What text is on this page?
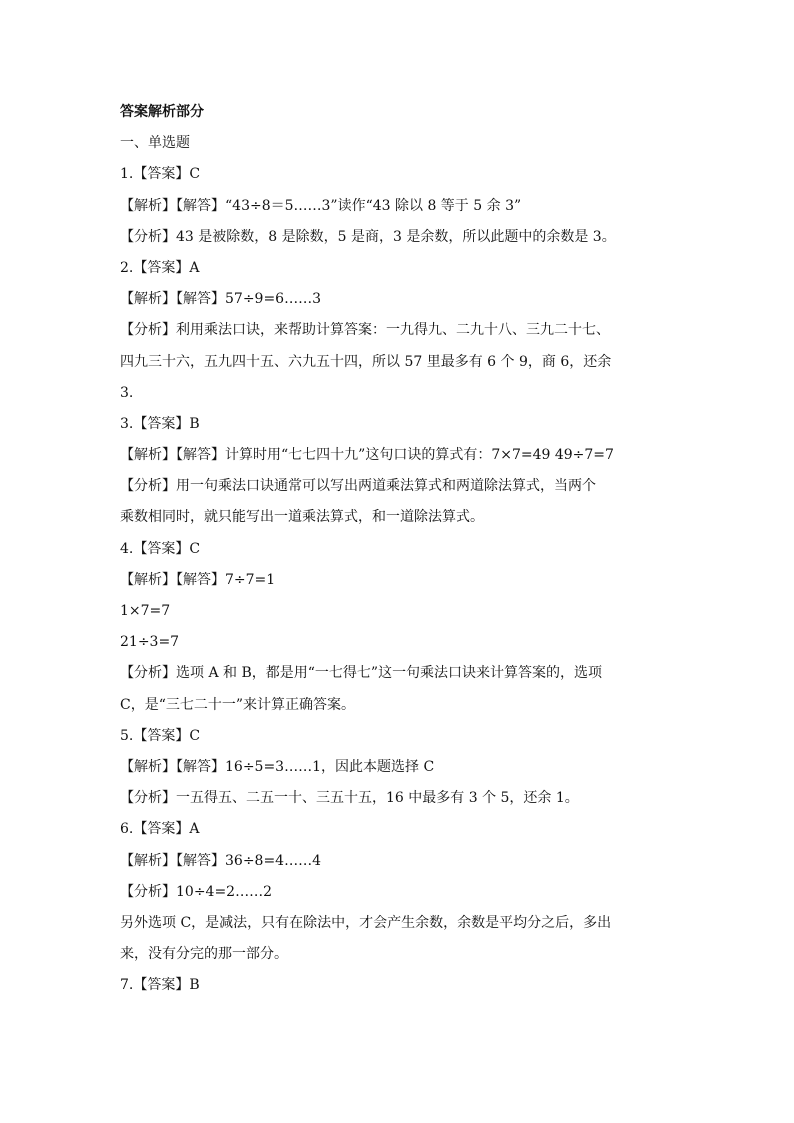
答案解析部分
一、单选题
1.【答案】C
【解析】【解答】“43÷8＝5……3”读作“43 除以 8 等于 5 余 3”
【分析】43 是被除数，8 是除数，5 是商，3 是余数，所以此题中的余数是 3。
2.【答案】A
【解析】【解答】57÷9=6……3
【分析】利用乘法口诀，来帮助计算答案：一九得九、二九十八、三九二十七、
四九三十六，五九四十五、六九五十四，所以 57 里最多有 6 个 9，商 6，还余
3.
3.【答案】B
【解析】【解答】计算时用“七七四十九”这句口诀的算式有：7×7=49 49÷7=7
【分析】用一句乘法口诀通常可以写出两道乘法算式和两道除法算式，当两个
乘数相同时，就只能写出一道乘法算式，和一道除法算式。
4.【答案】C
【解析】【解答】7÷7=1
1×7=7
21÷3=7
【分析】选项 A 和 B，都是用“一七得七”这一句乘法口诀来计算答案的，选项
C，是“三七二十一”来计算正确答案。
5.【答案】C
【解析】【解答】16÷5=3……1，因此本题选择 C
【分析】一五得五、二五一十、三五十五，16 中最多有 3 个 5，还余 1。
6.【答案】A
【解析】【解答】36÷8=4……4
【分析】10÷4=2……2
另外选项 C，是减法，只有在除法中，才会产生余数，余数是平均分之后，多出
来，没有分完的那一部分。
7.【答案】B
